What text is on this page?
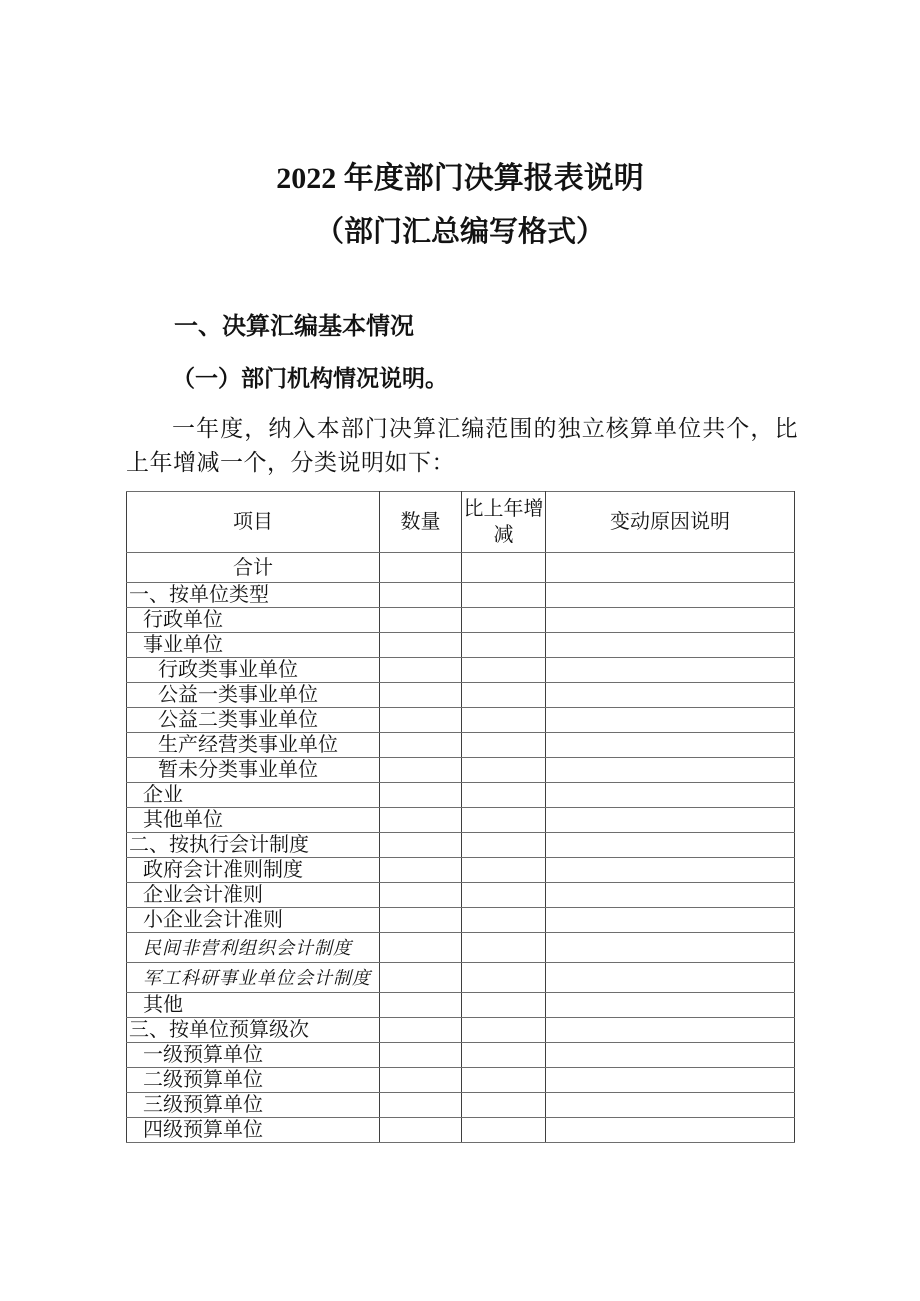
2022 年度部门决算报表说明
（部门汇总编写格式）
一、决算汇编基本情况
（一）部门机构情况说明。

一年度，纳入本部门决算汇编范围的独立核算单位共个，比上年增减一个，分类说明如下：

项目	数量	比上年增减	变动原因说明
合计			
一、按单位类型			
行政单位			
事业单位			
行政类事业单位			
公益一类事业单位			
公益二类事业单位			
生产经营类事业单位			
暂未分类事业单位			
企业			
其他单位			
二、按执行会计制度			
政府会计准则制度			
企业会计准则			
小企业会计准则			
民间非营利组织会计制度			
军工科研事业单位会计制度			
其他			
三、按单位预算级次			
一级预算单位			
二级预算单位			
三级预算单位			
四级预算单位			
